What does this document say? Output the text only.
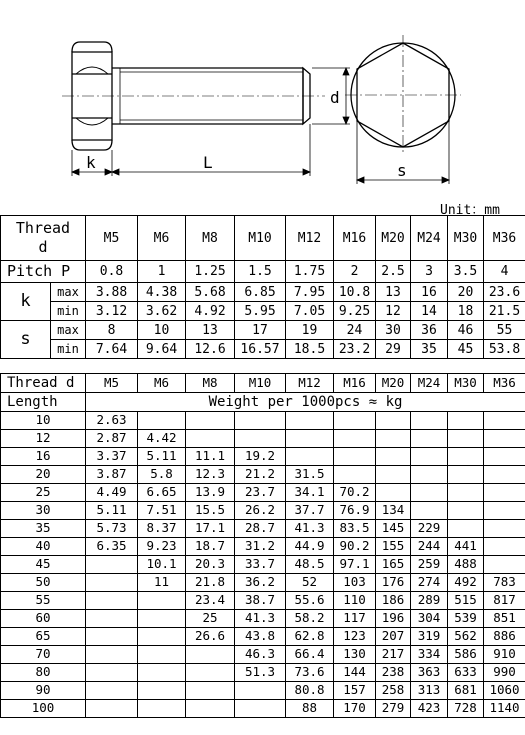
d
k	L	s
Unit：mm
Thread
d		M5	M6	M8	M10	M12	M16	M20	M24	M30	M36
Pitch P		0.8	1	1.25	1.5	1.75	2	2.5	3	3.5	4
k	max	3.88	4.38	5.68	6.85	7.95	10.8	13	16	20	23.6
	min	3.12	3.62	4.92	5.95	7.05	9.25	12	14	18	21.5
s	max	8	10	13	17	19	24	30	36	46	55
	min	7.64	9.64	12.6	16.57	18.5	23.2	29	35	45	53.8
Thread d	M5	M6	M8	M10	M12	M16	M20	M24	M30	M36
Length	Weight per 1000pcs ≈ kg									
10	2.63									
12	2.87	4.42								
16	3.37	5.11	11.1	19.2						
20	3.87	5.8	12.3	21.2	31.5					
25	4.49	6.65	13.9	23.7	34.1	70.2				
30	5.11	7.51	15.5	26.2	37.7	76.9	134			
35	5.73	8.37	17.1	28.7	41.3	83.5	145	229		
40	6.35	9.23	18.7	31.2	44.9	90.2	155	244	441	
45		10.1	20.3	33.7	48.5	97.1	165	259	488	
50		11	21.8	36.2	52	103	176	274	492	783
55			23.4	38.7	55.6	110	186	289	515	817
60			25	41.3	58.2	117	196	304	539	851
65			26.6	43.8	62.8	123	207	319	562	886
70				46.3	66.4	130	217	334	586	910
80				51.3	73.6	144	238	363	633	990
90					80.8	157	258	313	681	1060
100					88	170	279	423	728	1140
